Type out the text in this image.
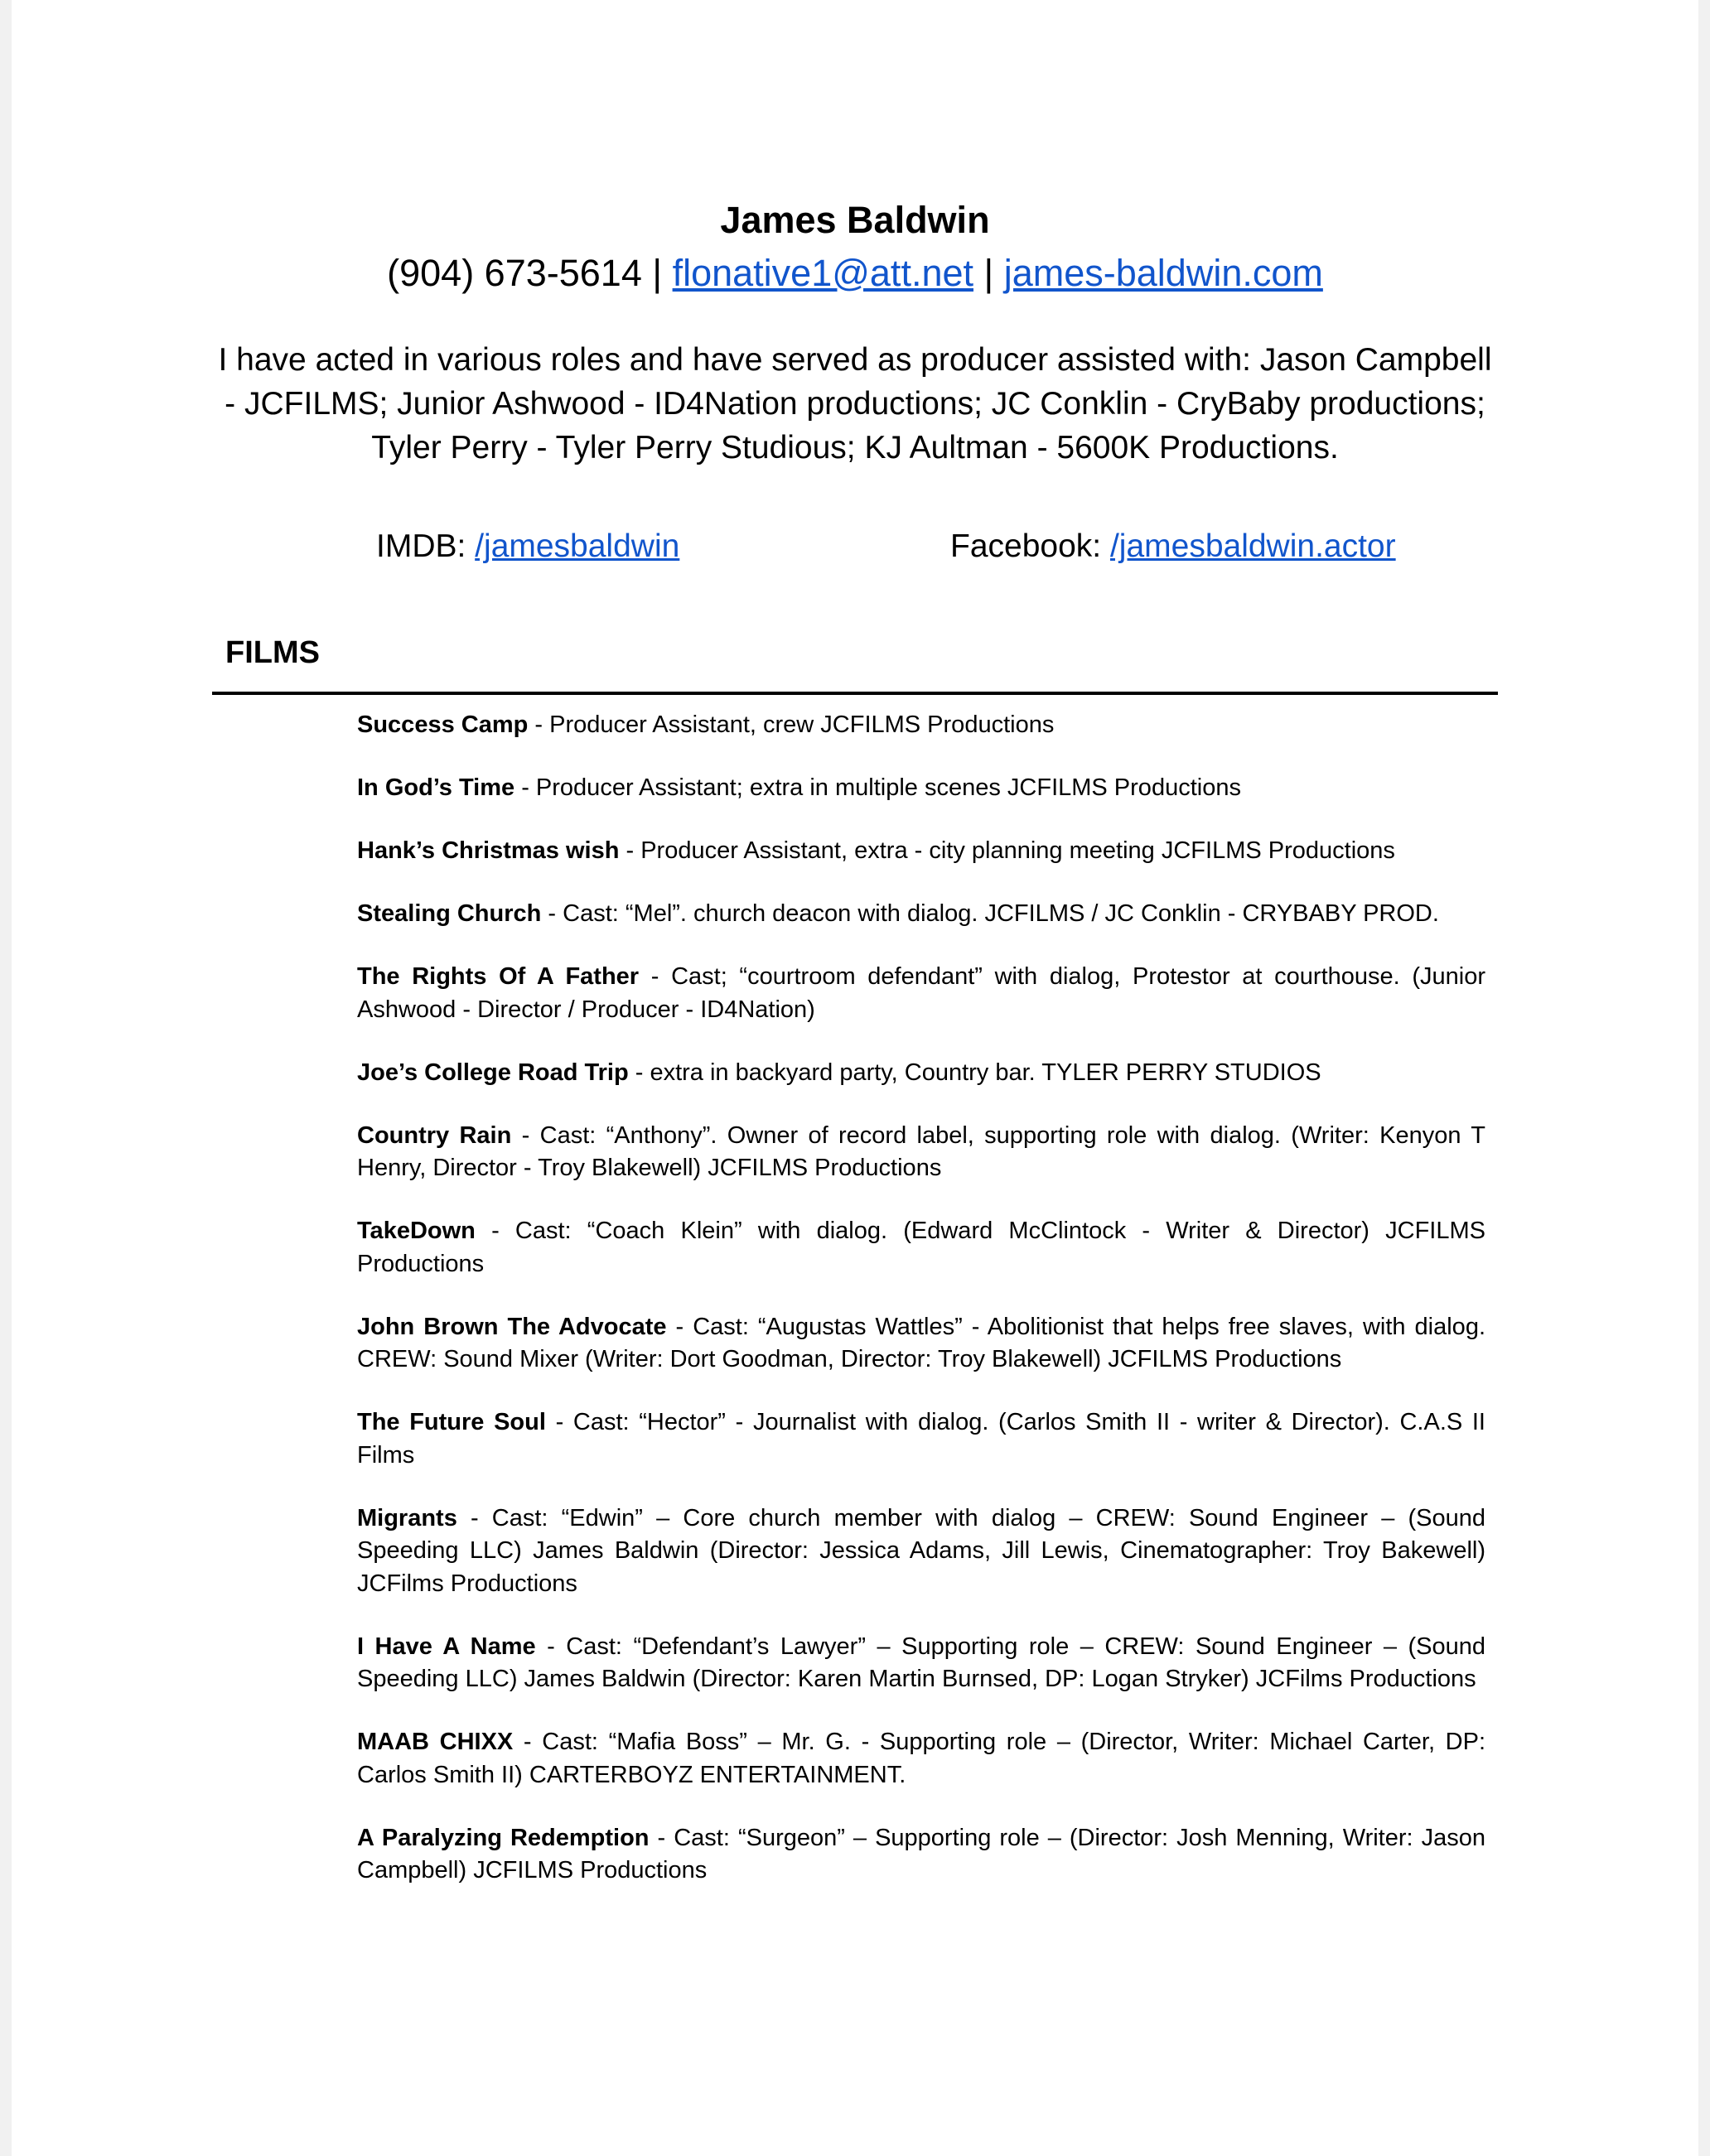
James Baldwin
(904) 673-5614 | flonative1@att.net | james-baldwin.com
I have acted in various roles and have served as producer assisted with: Jason Campbell - JCFILMS; Junior Ashwood - ID4Nation productions; JC Conklin - CryBaby productions; Tyler Perry - Tyler Perry Studious; KJ Aultman - 5600K Productions.
IMDB: /jamesbaldwin	Facebook: /jamesbaldwin.actor
FILMS
Success Camp - Producer Assistant, crew JCFILMS Productions
In God’s Time - Producer Assistant; extra in multiple scenes JCFILMS Productions
Hank’s Christmas wish - Producer Assistant, extra - city planning meeting JCFILMS Productions
Stealing Church - Cast: “Mel”. church deacon with dialog. JCFILMS / JC Conklin - CRYBABY PROD.
The Rights Of A Father - Cast; “courtroom defendant” with dialog, Protestor at courthouse. (Junior Ashwood - Director / Producer - ID4Nation)
Joe’s College Road Trip - extra in backyard party, Country bar. TYLER PERRY STUDIOS
Country Rain - Cast: “Anthony”. Owner of record label, supporting role with dialog. (Writer: Kenyon T Henry, Director - Troy Blakewell) JCFILMS Productions
TakeDown - Cast: “Coach Klein” with dialog. (Edward McClintock - Writer & Director) JCFILMS Productions
John Brown The Advocate - Cast: “Augustas Wattles” - Abolitionist that helps free slaves, with dialog. CREW: Sound Mixer (Writer: Dort Goodman, Director: Troy Blakewell) JCFILMS Productions
The Future Soul - Cast: “Hector” - Journalist with dialog. (Carlos Smith II - writer & Director). C.A.S II Films
Migrants - Cast: “Edwin” – Core church member with dialog – CREW: Sound Engineer – (Sound Speeding LLC) James Baldwin (Director: Jessica Adams, Jill Lewis, Cinematographer: Troy Bakewell) JCFilms Productions
I Have A Name - Cast: “Defendant’s Lawyer” – Supporting role – CREW: Sound Engineer – (Sound Speeding LLC) James Baldwin (Director: Karen Martin Burnsed, DP: Logan Stryker) JCFilms Productions
MAAB CHIXX - Cast: “Mafia Boss” – Mr. G. - Supporting role – (Director, Writer: Michael Carter, DP: Carlos Smith II) CARTERBOYZ ENTERTAINMENT.
A Paralyzing Redemption - Cast: “Surgeon” – Supporting role – (Director: Josh Menning, Writer: Jason Campbell) JCFILMS Productions
